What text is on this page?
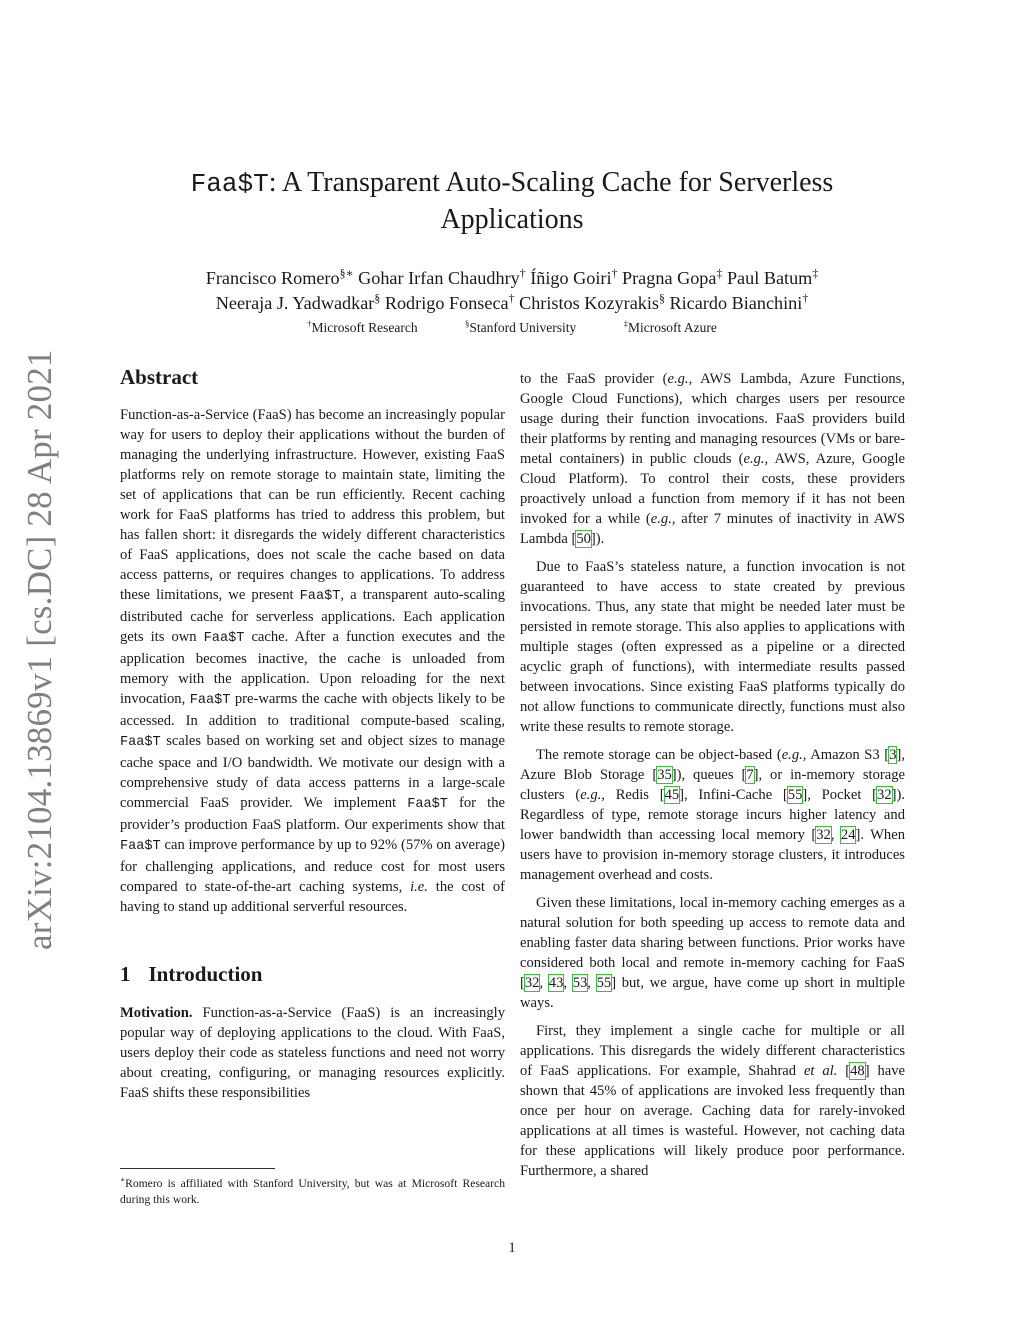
arXiv:2104.13869v1 [cs.DC] 28 Apr 2021
Faa$T: A Transparent Auto-Scaling Cache for Serverless
Applications
Francisco Romero§∗ Gohar Irfan Chaudhry† Íñigo Goiri† Pragna Gopa‡ Paul Batum‡
Neeraja J. Yadwadkar§ Rodrigo Fonseca† Christos Kozyrakis§ Ricardo Bianchini†
†Microsoft Research	§Stanford University	‡Microsoft Azure
Abstract

Function-as-a-Service (FaaS) has become an increasingly popular way for users to deploy their applications without the burden of managing the underlying infrastructure. However, existing FaaS platforms rely on remote storage to maintain state, limiting the set of applications that can be run efficiently. Recent caching work for FaaS platforms has tried to address this problem, but has fallen short: it disregards the widely different characteristics of FaaS applications, does not scale the cache based on data access patterns, or requires changes to applications. To address these limitations, we present Faa$T, a transparent auto-scaling distributed cache for serverless applications. Each application gets its own Faa$T cache. After a function executes and the application becomes inactive, the cache is unloaded from memory with the application. Upon reloading for the next invocation, Faa$T pre-warms the cache with objects likely to be accessed. In addition to traditional compute-based scaling, Faa$T scales based on working set and object sizes to manage cache space and I/O bandwidth. We motivate our design with a comprehensive study of data access patterns in a large-scale commercial FaaS provider. We implement Faa$T for the provider’s production FaaS platform. Our experiments show that Faa$T can improve performance by up to 92% (57% on average) for challenging applications, and reduce cost for most users compared to state-of-the-art caching systems, i.e. the cost of having to stand up additional serverful resources.

1 Introduction

Motivation. Function-as-a-Service (FaaS) is an increasingly popular way of deploying applications to the cloud. With FaaS, users deploy their code as stateless functions and need not worry about creating, configuring, or managing resources explicitly. FaaS shifts these responsibilities

∗Romero is affiliated with Stanford University, but was at Microsoft Research during this work.

to the FaaS provider (e.g., AWS Lambda, Azure Functions, Google Cloud Functions), which charges users per resource usage during their function invocations. FaaS providers build their platforms by renting and managing resources (VMs or bare-metal containers) in public clouds (e.g., AWS, Azure, Google Cloud Platform). To control their costs, these providers proactively unload a function from memory if it has not been invoked for a while (e.g., after 7 minutes of inactivity in AWS Lambda [50]).

Due to FaaS’s stateless nature, a function invocation is not guaranteed to have access to state created by previous invocations. Thus, any state that might be needed later must be persisted in remote storage. This also applies to applications with multiple stages (often expressed as a pipeline or a directed acyclic graph of functions), with intermediate results passed between invocations. Since existing FaaS platforms typically do not allow functions to communicate directly, functions must also write these results to remote storage.

The remote storage can be object-based (e.g., Amazon S3 [3], Azure Blob Storage [35]), queues [7], or in-memory storage clusters (e.g., Redis [45], Infini-Cache [55], Pocket [32]). Regardless of type, remote storage incurs higher latency and lower bandwidth than accessing local memory [32, 24]. When users have to provision in-memory storage clusters, it introduces management overhead and costs.

Given these limitations, local in-memory caching emerges as a natural solution for both speeding up access to remote data and enabling faster data sharing between functions. Prior works have considered both local and remote in-memory caching for FaaS [32, 43, 53, 55] but, we argue, have come up short in multiple ways.

First, they implement a single cache for multiple or all applications. This disregards the widely different characteristics of FaaS applications. For example, Shahrad et al. [48] have shown that 45% of applications are invoked less frequently than once per hour on average. Caching data for rarely-invoked applications at all times is wasteful. However, not caching data for these applications will likely produce poor performance. Furthermore, a shared

1
